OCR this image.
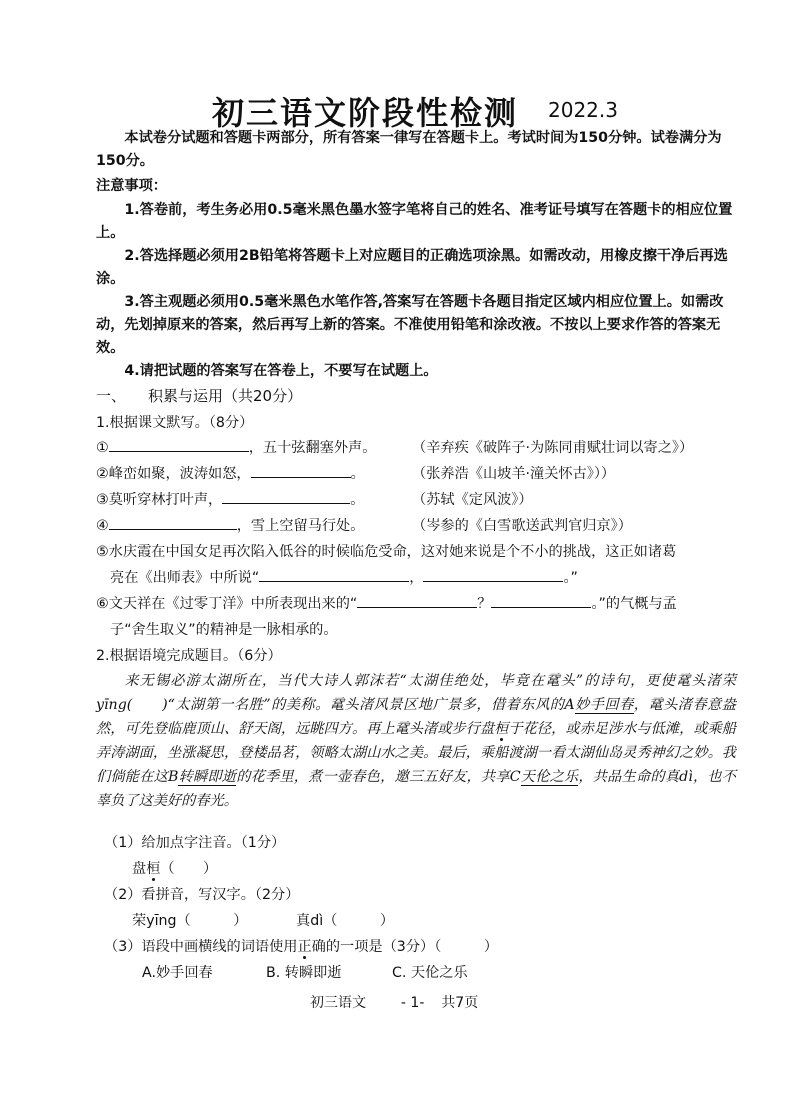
初三语文阶段性检测 2022.3
本试卷分试题和答题卡两部分，所有答案一律写在答题卡上。考试时间为150分钟。试卷满分为150分。
注意事项：
1.答卷前，考生务必用0.5毫米黑色墨水签字笔将自己的姓名、准考证号填写在答题卡的相应位置上。
2.答选择题必须用2B铅笔将答题卡上对应题目的正确选项涂黑。如需改动，用橡皮擦干净后再选涂。
3.答主观题必须用0.5毫米黑色水笔作答,答案写在答题卡各题目指定区域内相应位置上。如需改动，先划掉原来的答案，然后再写上新的答案。不准使用铅笔和涂改液。不按以上要求作答的答案无效。
4.请把试题的答案写在答卷上，不要写在试题上。
一、 积累与运用（共20分）
1.根据课文默写。（8分）
①	，五十弦翻塞外声。	（辛弃疾《破阵子·为陈同甫赋壮词以寄之》）
②峰峦如聚，波涛如怒，	。	（张养浩《山坡羊·潼关怀古》））
③莫听穿林打叶声，	。	（苏轼《定风波》）
④	，雪上空留马行处。	（岑参的《白雪歌送武判官归京》）
⑤水庆霞在中国女足再次陷入低谷的时候临危受命，这对她来说是个不小的挑战，这正如诸葛
亮在《出师表》中所说“	，	。”
⑥文天祥在《过零丁洋》中所表现出来的“	？	。”的气概与孟
子“舍生取义”的精神是一脉相承的。
2.根据语境完成题目。（6分）
来无锡必游太湖所在，当代大诗人郭沫若“太湖佳绝处，毕竟在鼋头”的诗句，更使鼋头渚荣yīng(　　)“太湖第一名胜”的美称。鼋头渚风景区地广景多，借着东风的A妙手回春，鼋头渚春意盎然，可先登临鹿顶山、舒天阁，远眺四方。再上鼋头渚或步行盘桓于花径，或赤足涉水与低滩，或乘船弄涛湖面，坐涨凝思，登楼品茗，领略太湖山水之美。最后，乘船渡湖一看太湖仙岛灵秀神幻之妙。我们倘能在这B转瞬即逝的花季里，煮一壶春色，邀三五好友，共享C天伦之乐，共品生命的真dì，也不辜负了这美好的春光。
（1）给加点字注音。（1分）
盘桓（　　）
（2）看拼音，写汉字。（2分）
荣yīng（　　　）	真dì（　　　）
（3）语段中画横线的词语使用正确的一项是（3分）（　　　）
A.妙手回春	B. 转瞬即逝	C. 天伦之乐
初三语文 - 1- 共7页
